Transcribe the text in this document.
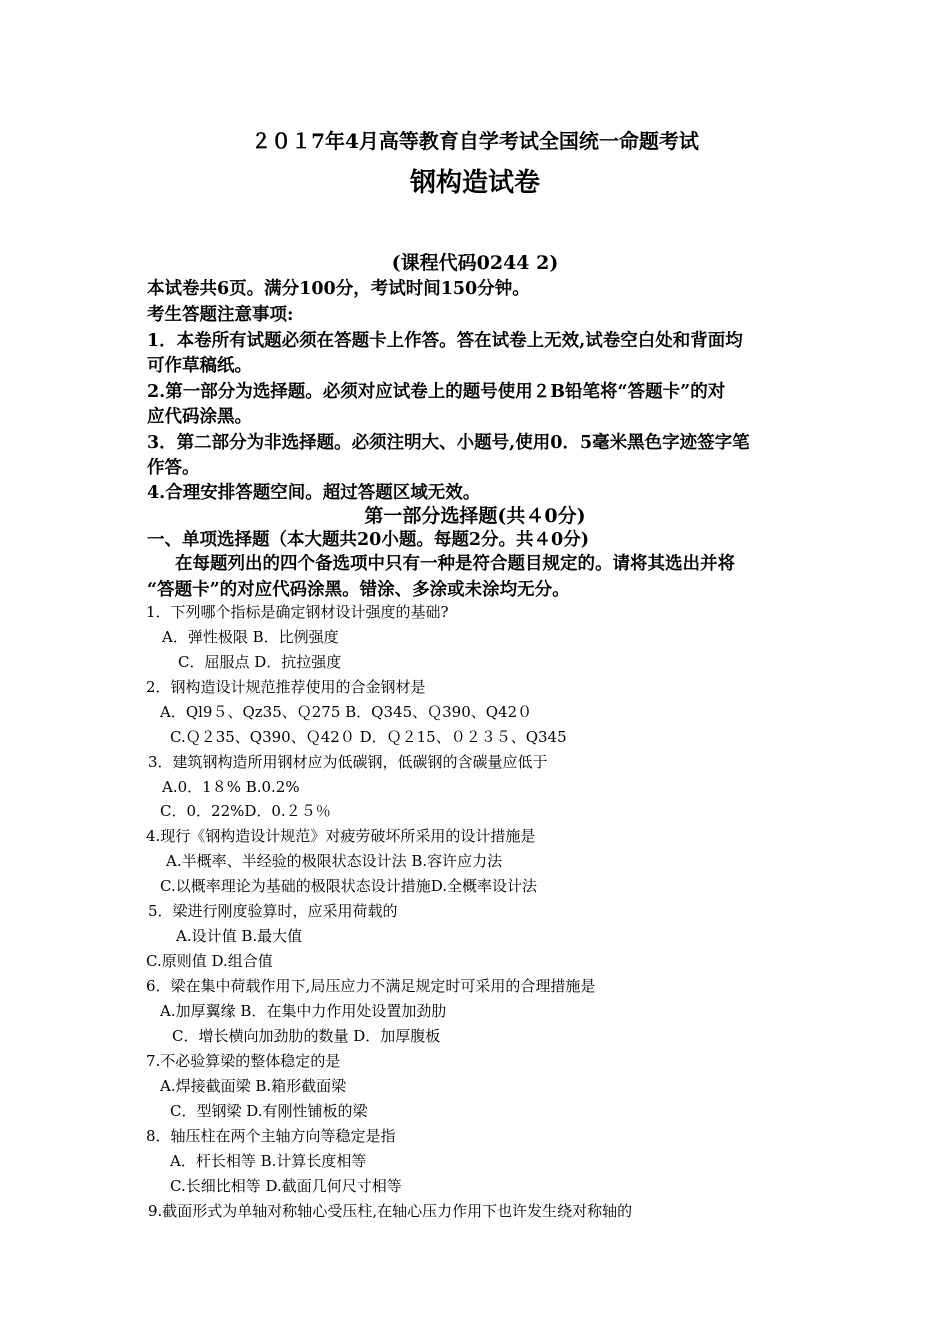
２０１7年4月高等教育自学考试全国统一命题考试
钢构造试卷
(课程代码0244 2)
本试卷共6页。满分100分，考试时间150分钟。
考生答题注意事项:
1．本卷所有试题必须在答题卡上作答。答在试卷上无效,试卷空白处和背面均
可作草稿纸。
2.第一部分为选择题。必须对应试卷上的题号使用２B铅笔将“答题卡”的对
应代码涂黑。
3．第二部分为非选择题。必须注明大、小题号,使用0．5毫米黑色字迹签字笔
作答。
4.合理安排答题空间。超过答题区域无效。
第一部分选择题(共４0分)
一、单项选择题（本大题共20小题。每题2分。共４0分)
在每题列出的四个备选项中只有一种是符合题目规定的。请将其选出并将
“答题卡”的对应代码涂黑。错涂、多涂或未涂均无分。
1．下列哪个指标是确定钢材设计强度的基础?
A．弹性极限 B．比例强度
C．屈服点 D．抗拉强度
2．钢构造设计规范推荐使用的合金钢材是
A．Ql9５、Qz35、Ｑ275 B．Q345、Ｑ390、Q42０
C.Ｑ２35、Q390、Ｑ42０ D．Ｑ２15、０２３５、Q345
3．建筑钢构造所用钢材应为低碳钢，低碳钢的含碳量应低于
A.0．1８% B.0.2%
C．0．22%D．0.２５％
4.现行《钢构造设计规范》对疲劳破坏所采用的设计措施是
A.半概率、半经验的极限状态设计法 B.容许应力法
C.以概率理论为基础的极限状态设计措施D.全概率设计法
5．梁进行刚度验算时，应采用荷载的
A.设计值 B.最大值
C.原则值 D.组合值
6．梁在集中荷载作用下,局压应力不满足规定时可采用的合理措施是
A.加厚翼缘 B．在集中力作用处设置加劲肋
C．增长横向加劲肋的数量 D．加厚腹板
7.不必验算梁的整体稳定的是
A.焊接截面梁 B.箱形截面梁
C．型钢梁 D.有刚性铺板的梁
8．轴压柱在两个主轴方向等稳定是指
A．杆长相等 B.计算长度相等
C.长细比相等 D.截面几何尺寸相等
9.截面形式为单轴对称轴心受压柱,在轴心压力作用下也许发生绕对称轴的
